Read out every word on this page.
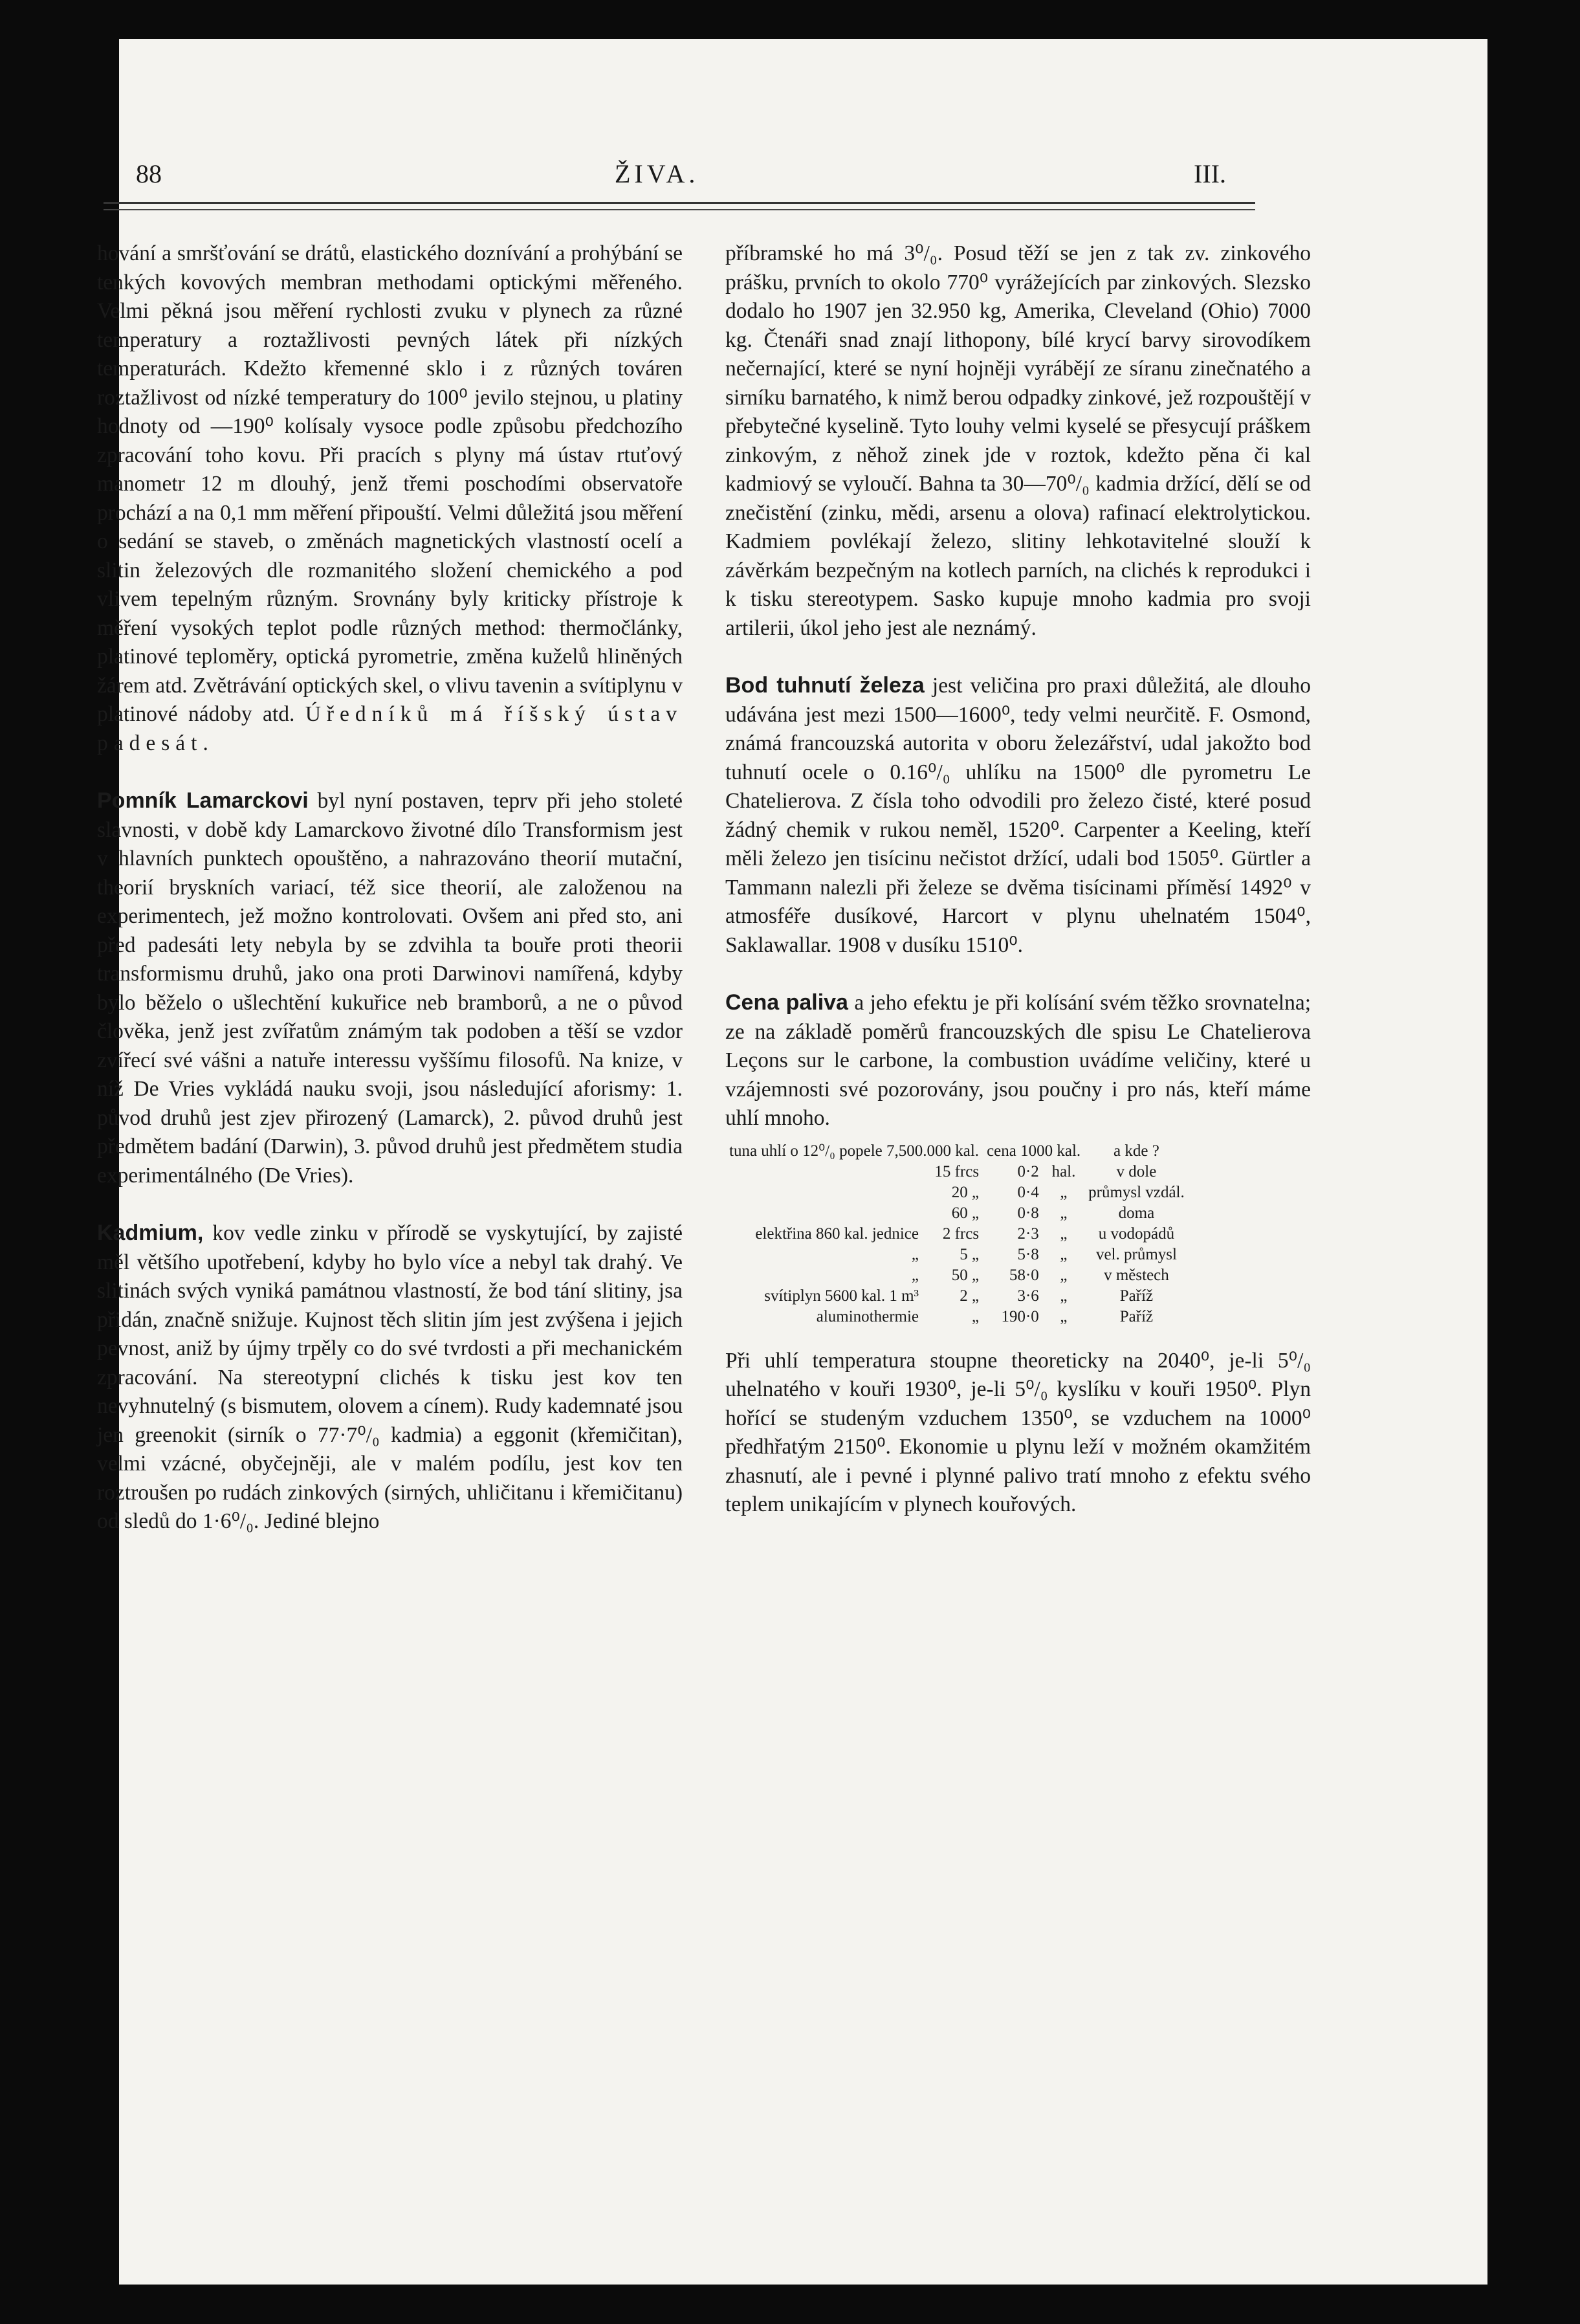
88	ŽIVA.	III.

hování a smršťování se drátů, elastického doznívání a prohýbání se tenkých kovových membran methodami optickými měřeného. Velmi pěkná jsou měření rychlosti zvuku v plynech za různé temperatury a roztažlivosti pevných látek při nízkých temperaturách. Kdežto křemenné sklo i z různých továren roztažlivost od nízké temperatury do 100⁰ jevilo stejnou, u platiny hodnoty od —190⁰ kolísaly vysoce podle způsobu předchozího zpracování toho kovu. Při pracích s plyny má ústav rtuťový manometr 12 m dlouhý, jenž třemi poschodími observatoře prochází a na 0,1 mm měření připouští. Velmi důležitá jsou měření o sedání se staveb, o změnách magnetických vlastností ocelí a slitin železových dle rozmanitého složení chemického a pod vlivem tepelným různým. Srovnány byly kriticky přístroje k měření vysokých teplot podle různých method: thermočlánky, platinové teploměry, optická pyrometrie, změna kuželů hliněných žárem atd. Zvětrávání optických skel, o vlivu tavenin a svítiplynu v platinové nádoby atd. Úředníků má říšský ústav padesát.

Pomník Lamarckovi byl nyní postaven, teprv při jeho stoleté slavnosti, v době kdy Lamarckovo životné dílo Transformism jest v hlavních punktech opouštěno, a nahrazováno theorií mutační, theorií bryskních variací, též sice theorií, ale založenou na experimentech, jež možno kontrolovati. Ovšem ani před sto, ani před padesáti lety nebyla by se zdvihla ta bouře proti theorii transformismu druhů, jako ona proti Darwinovi namířená, kdyby bylo běželo o ušlechtění kukuřice neb bramborů, a ne o původ člověka, jenž jest zvířatům známým tak podoben a těší se vzdor zvířecí své vášni a natuře interessu vyššímu filosofů. Na knize, v níž De Vries vykládá nauku svoji, jsou následující aforismy: 1. původ druhů jest zjev přirozený (Lamarck), 2. původ druhů jest předmětem badání (Darwin), 3. původ druhů jest předmětem studia experimentálného (De Vries).

Kadmium, kov vedle zinku v přírodě se vyskytující, by zajisté měl většího upotřebení, kdyby ho bylo více a nebyl tak drahý. Ve slitinách svých vyniká památnou vlastností, že bod tání slitiny, jsa přidán, značně snižuje. Kujnost těch slitin jím jest zvýšena i jejich pevnost, aniž by újmy trpěly co do své tvrdosti a při mechanickém zpracování. Na stereotypní clichés k tisku jest kov ten nevyhnutelný (s bismutem, olovem a cínem). Rudy kademnaté jsou jen greenokit (sirník o 77·7⁰/₀ kadmia) a eggonit (křemičitan), velmi vzácné, obyčejněji, ale v malém podílu, jest kov ten roztroušen po rudách zinkových (sirných, uhličitanu i křemičitanu) od sledů do 1·6⁰/₀. Jediné blejno

příbramské ho má 3⁰/₀. Posud těží se jen z tak zv. zinkového prášku, prvních to okolo 770⁰ vyrážejících par zinkových. Slezsko dodalo ho 1907 jen 32.950 kg, Amerika, Cleveland (Ohio) 7000 kg. Čtenáři snad znají lithopony, bílé krycí barvy sirovodíkem nečernající, které se nyní hojněji vyrábějí ze síranu zinečnatého a sirníku barnatého, k nimž berou odpadky zinkové, jež rozpouštějí v přebytečné kyselině. Tyto louhy velmi kyselé se přesycují práškem zinkovým, z něhož zinek jde v roztok, kdežto pěna či kal kadmiový se vyloučí. Bahna ta 30—70⁰/₀ kadmia držící, dělí se od znečistění (zinku, mědi, arsenu a olova) rafinací elektrolytickou. Kadmiem povlékají železo, slitiny lehkotavitelné slouží k závěrkám bezpečným na kotlech parních, na clichés k reprodukci i k tisku stereotypem. Sasko kupuje mnoho kadmia pro svoji artilerii, úkol jeho jest ale neznámý.

Bod tuhnutí železa jest veličina pro praxi důležitá, ale dlouho udávána jest mezi 1500—1600⁰, tedy velmi neurčitě. F. Osmond, známá francouzská autorita v oboru železářství, udal jakožto bod tuhnutí ocele o 0.16⁰/₀ uhlíku na 1500⁰ dle pyrometru Le Chatelierova. Z čísla toho odvodili pro železo čisté, které posud žádný chemik v rukou neměl, 1520⁰. Carpenter a Keeling, kteří měli železo jen tisícinu nečistot držící, udali bod 1505⁰. Gürtler a Tammann nalezli při železe se dvěma tisícinami příměsí 1492⁰ v atmosféře dusíkové, Harcort v plynu uhelnatém 1504⁰, Saklawallar. 1908 v dusíku 1510⁰.

Cena paliva a jeho efektu je při kolísání svém těžko srovnatelna; ze na základě poměrů francouzských dle spisu Le Chatelierova Leçons sur le carbone, la combustion uvádíme veličiny, které u vzájemnosti své pozorovány, jsou poučny i pro nás, kteří máme uhlí mnoho.

tuna uhlí o 12⁰/₀ popele 7,500.000 kal.		cena 1000 kal.		a kde ?
	15 frcs	0·2	hal.	v dole
	20 „	0·4	„	průmysl vzdál.
	60 „	0·8	„	doma
elektřina 860 kal. jednice	2 frcs	2·3	„	u vodopádů
„	5 „	5·8	„	vel. průmysl
„	50 „	58·0	„	v městech
svítiplyn 5600 kal. 1 m³	2 „	3·6	„	Paříž
aluminothermie	„	190·0	„	Paříž

Při uhlí temperatura stoupne theoreticky na 2040⁰, je-li 5⁰/₀ uhelnatého v kouři 1930⁰, je-li 5⁰/₀ kyslíku v kouři 1950⁰. Plyn hořící se studeným vzduchem 1350⁰, se vzduchem na 1000⁰ předhřatým 2150⁰. Ekonomie u plynu leží v možném okamžitém zhasnutí, ale i pevné i plynné palivo tratí mnoho z efektu svého teplem unikajícím v plynech kouřových.
